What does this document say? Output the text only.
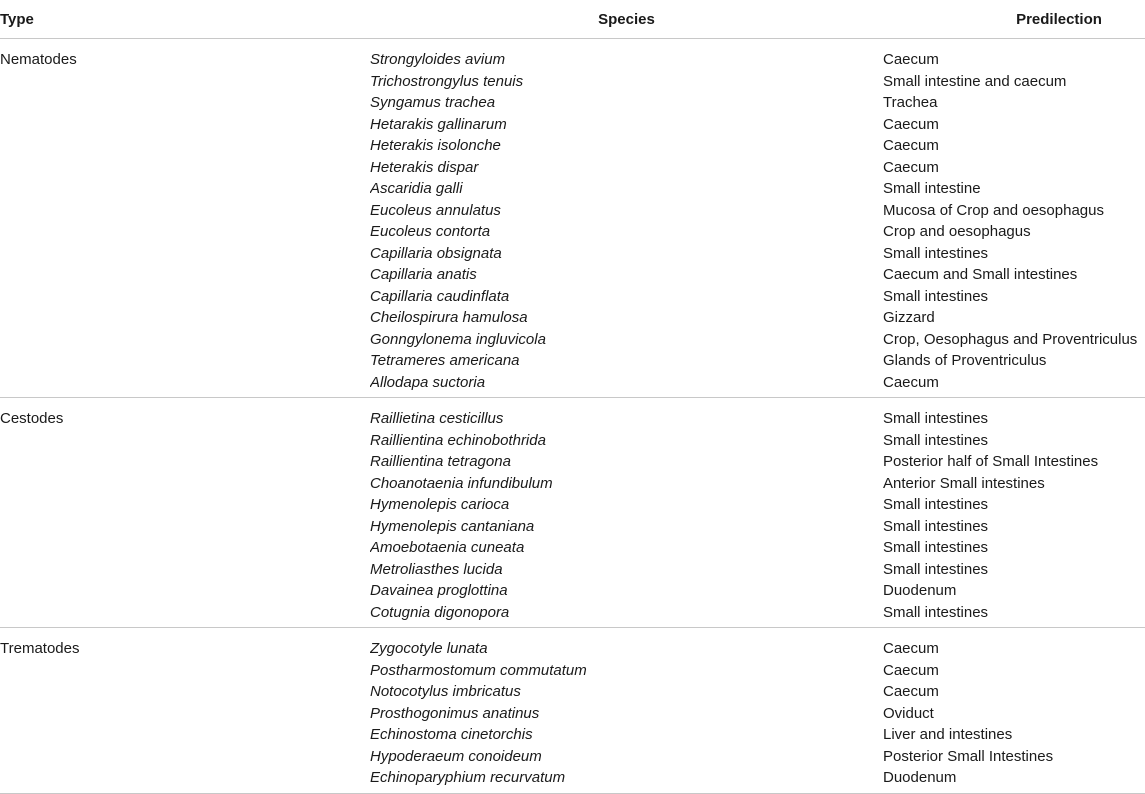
Type	Species	Predilection
Nematodes	Strongyloides avium	Caecum
	Trichostrongylus tenuis	Small intestine and caecum
	Syngamus trachea	Trachea
	Hetarakis gallinarum	Caecum
	Heterakis isolonche	Caecum
	Heterakis dispar	Caecum
	Ascaridia galli	Small intestine
	Eucoleus annulatus	Mucosa of Crop and oesophagus
	Eucoleus contorta	Crop and oesophagus
	Capillaria obsignata	Small intestines
	Capillaria anatis	Caecum and Small intestines
	Capillaria caudinflata	Small intestines
	Cheilospirura hamulosa	Gizzard
	Gonngylonema ingluvicola	Crop, Oesophagus and Proventriculus
	Tetrameres americana	Glands of Proventriculus
	Allodapa suctoria	Caecum
Cestodes	Raillietina cesticillus	Small intestines
	Raillientina echinobothrida	Small intestines
	Raillientina tetragona	Posterior half of Small Intestines
	Choanotaenia infundibulum	Anterior Small intestines
	Hymenolepis carioca	Small intestines
	Hymenolepis cantaniana	Small intestines
	Amoebotaenia cuneata	Small intestines
	Metroliasthes lucida	Small intestines
	Davainea proglottina	Duodenum
	Cotugnia digonopora	Small intestines
Trematodes	Zygocotyle lunata	Caecum
	Postharmostomum commutatum	Caecum
	Notocotylus imbricatus	Caecum
	Prosthogonimus anatinus	Oviduct
	Echinostoma cinetorchis	Liver and intestines
	Hypoderaeum conoideum	Posterior Small Intestines
	Echinoparyphium recurvatum	Duodenum
